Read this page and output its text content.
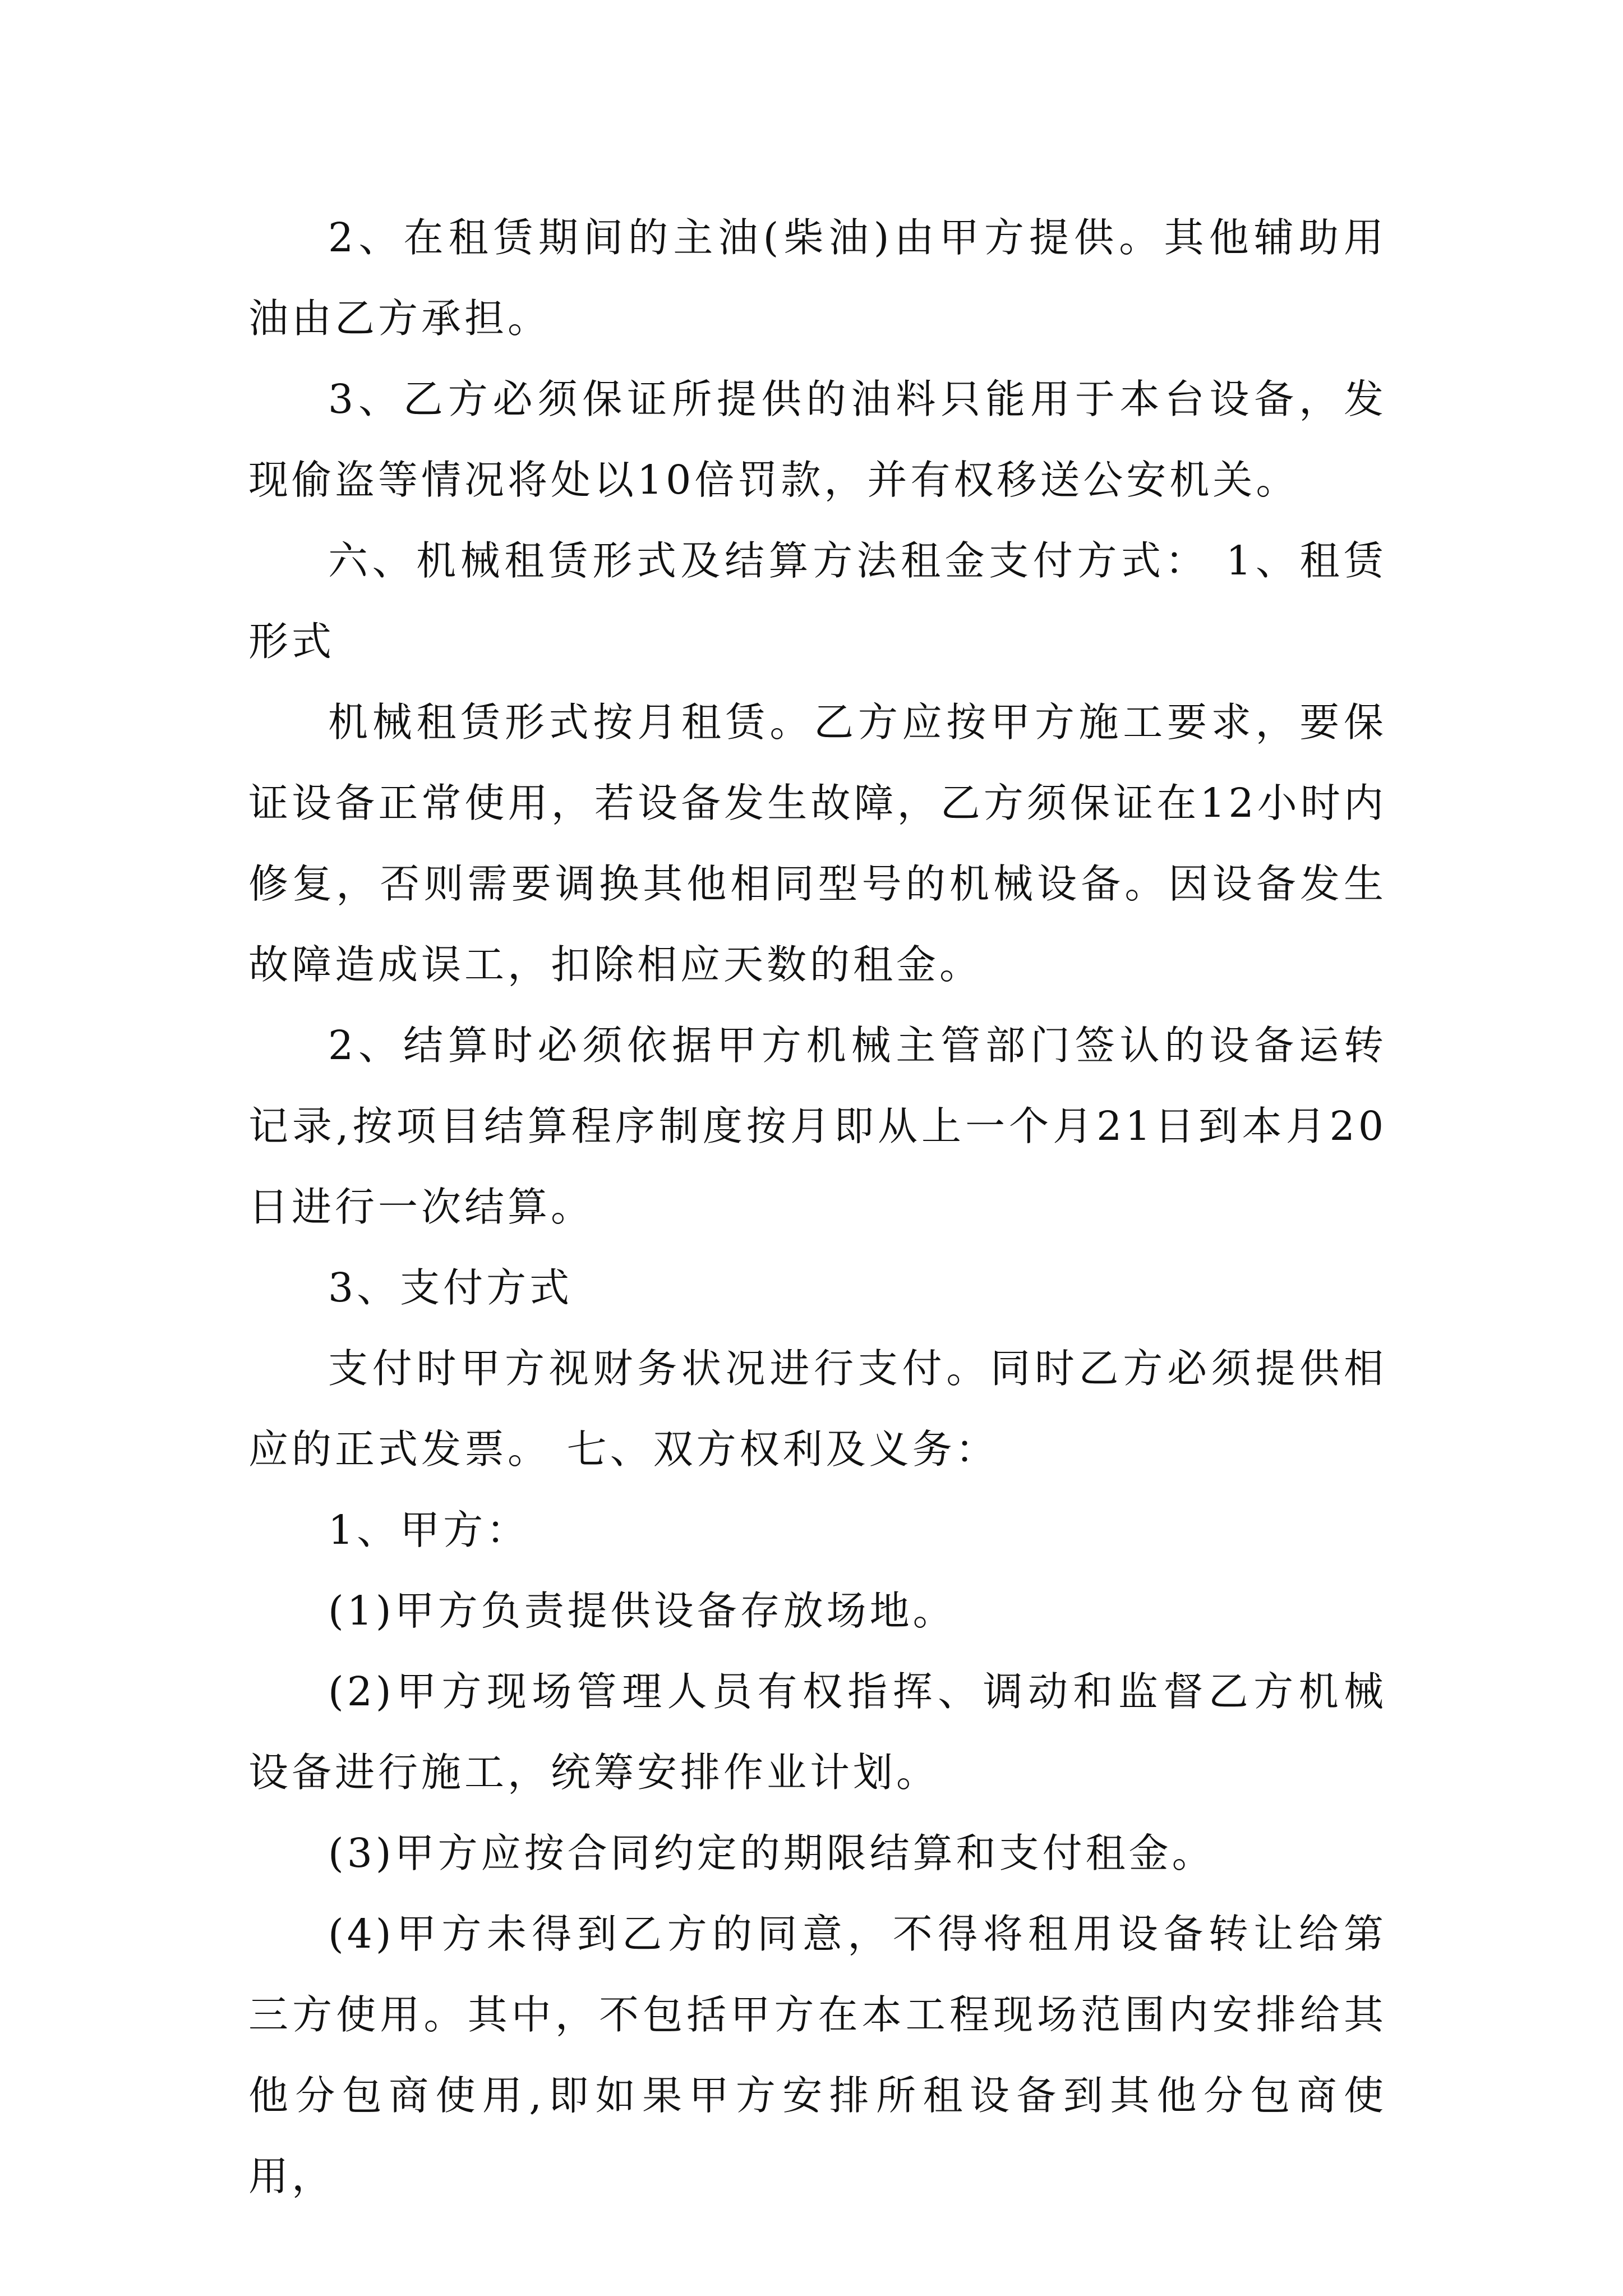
2、在租赁期间的主油(柴油)由甲方提供。其他辅助用油由乙方承担。

3、乙方必须保证所提供的油料只能用于本台设备，发现偷盗等情况将处以10倍罚款，并有权移送公安机关。

六、机械租赁形式及结算方法租金支付方式： 1、租赁形式

机械租赁形式按月租赁。乙方应按甲方施工要求，要保证设备正常使用，若设备发生故障，乙方须保证在12小时内修复，否则需要调换其他相同型号的机械设备。因设备发生故障造成误工，扣除相应天数的租金。

2、结算时必须依据甲方机械主管部门签认的设备运转记录,按项目结算程序制度按月即从上一个月21日到本月20日进行一次结算。

3、支付方式

支付时甲方视财务状况进行支付。同时乙方必须提供相应的正式发票。 七、双方权利及义务：

1、甲方：

(1)甲方负责提供设备存放场地。

(2)甲方现场管理人员有权指挥、调动和监督乙方机械设备进行施工，统筹安排作业计划。

(3)甲方应按合同约定的期限结算和支付租金。

(4)甲方未得到乙方的同意，不得将租用设备转让给第三方使用。其中，不包括甲方在本工程现场范围内安排给其他分包商使用,即如果甲方安排所租设备到其他分包商使用，
